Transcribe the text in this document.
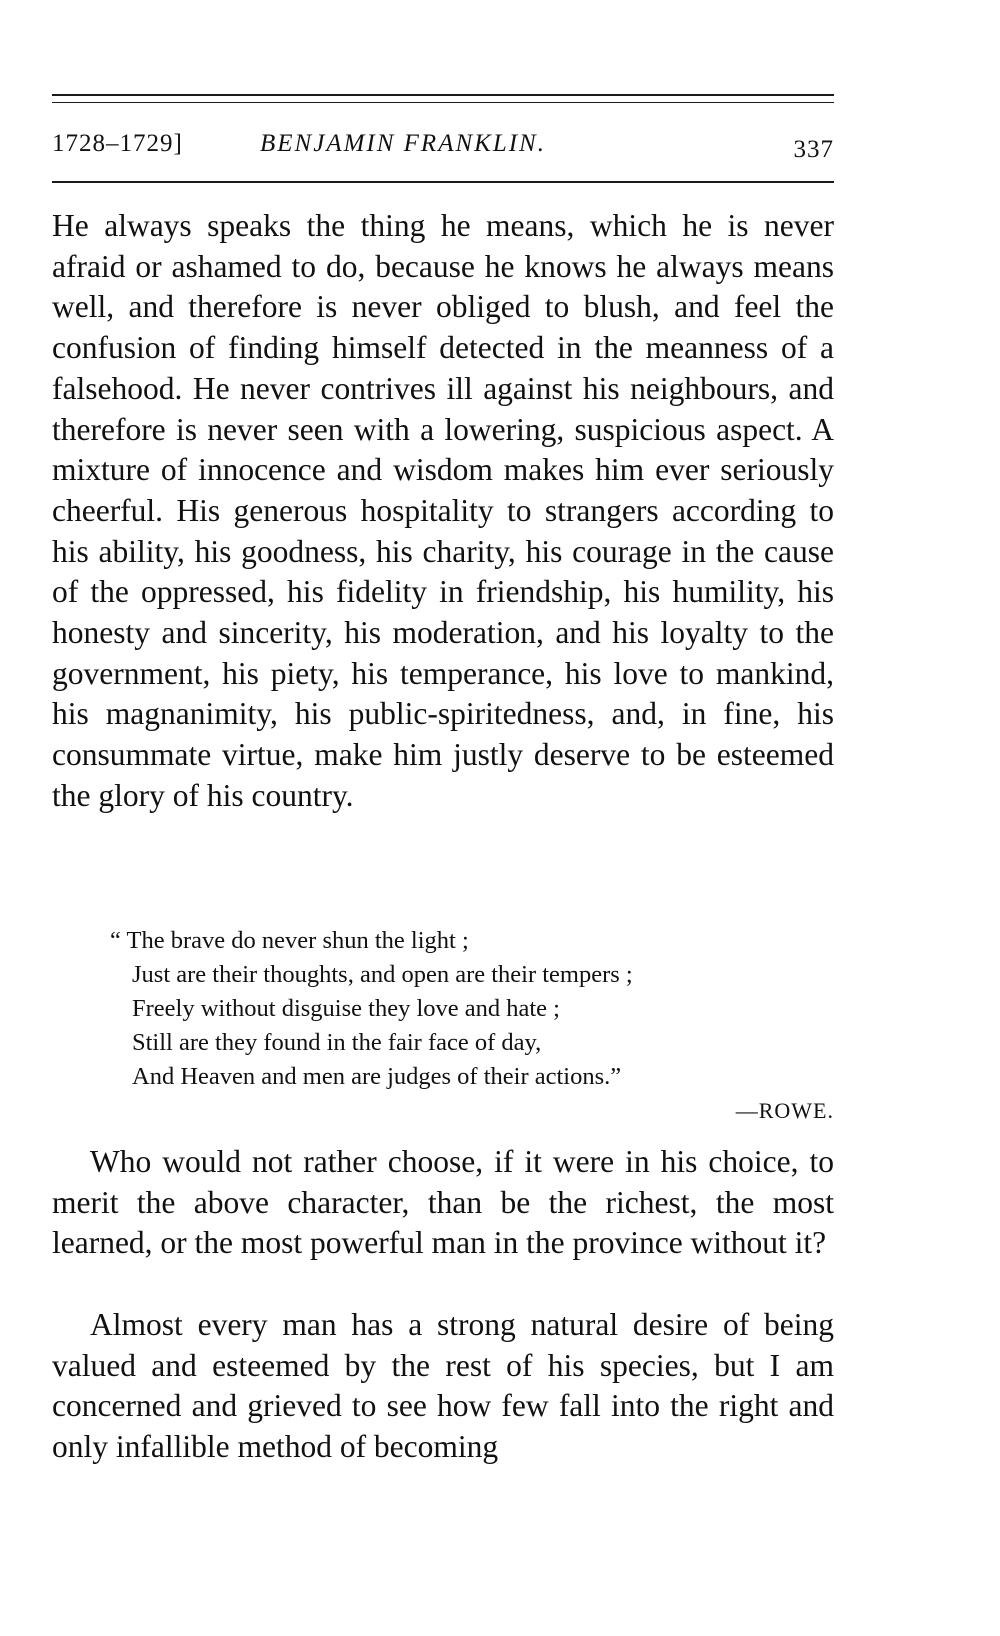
1728–1729]	BENJAMIN FRANKLIN.	337

He always speaks the thing he means, which he is never afraid or ashamed to do, because he knows he always means well, and therefore is never obliged to blush, and feel the confusion of finding himself detected in the meanness of a falsehood. He never contrives ill against his neighbours, and therefore is never seen with a lowering, suspicious aspect. A mixture of innocence and wisdom makes him ever seriously cheerful. His generous hospitality to strangers according to his ability, his goodness, his charity, his courage in the cause of the oppressed, his fidelity in friendship, his humility, his honesty and sincerity, his moderation, and his loyalty to the government, his piety, his temperance, his love to mankind, his magnanimity, his public-spiritedness, and, in fine, his consummate virtue, make him justly deserve to be esteemed the glory of his country.

“ The brave do never shun the light ;
Just are their thoughts, and open are their tempers ;
Freely without disguise they love and hate ;
Still are they found in the fair face of day,
And Heaven and men are judges of their actions.”
—ROWE.

Who would not rather choose, if it were in his choice, to merit the above character, than be the richest, the most learned, or the most powerful man in the province without it?

Almost every man has a strong natural desire of being valued and esteemed by the rest of his species, but I am concerned and grieved to see how few fall into the right and only infallible method of becoming
